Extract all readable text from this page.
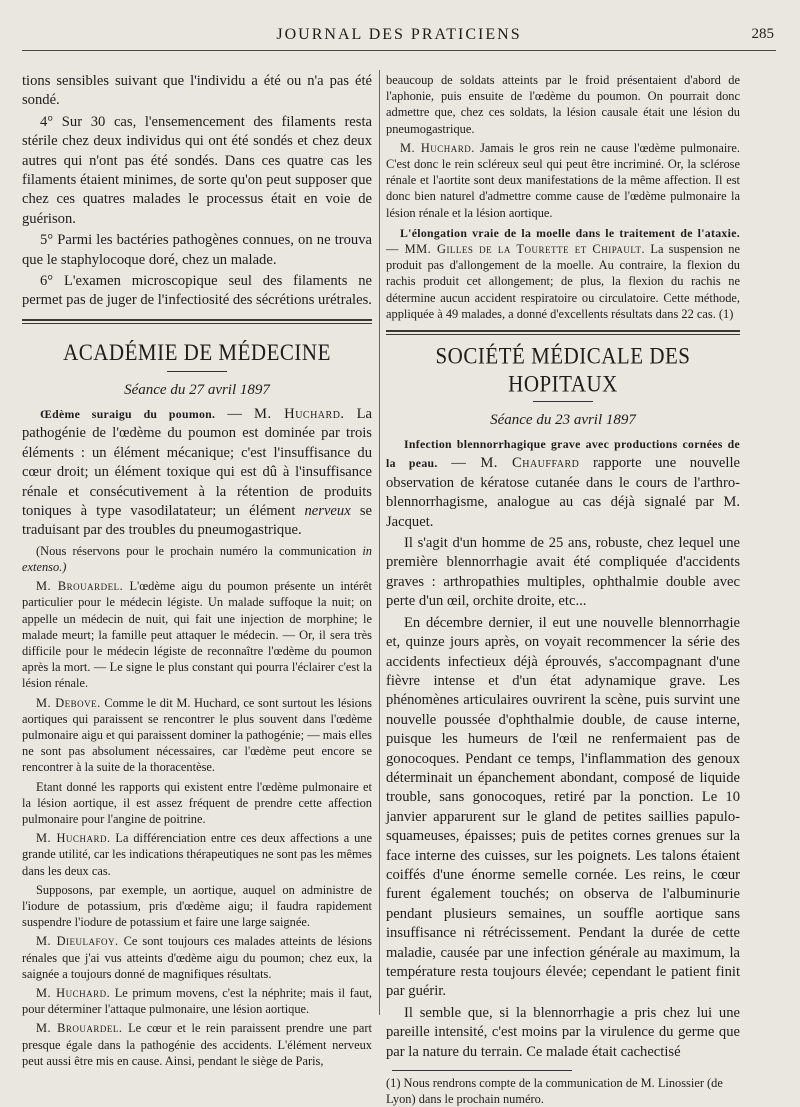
JOURNAL DES PRATICIENS	285

tions sensibles suivant que l'individu a été ou n'a pas été sondé.

4° Sur 30 cas, l'ensemencement des filaments resta stérile chez deux individus qui ont été sondés et chez deux autres qui n'ont pas été sondés. Dans ces quatre cas les filaments étaient minimes, de sorte qu'on peut supposer que chez ces quatres malades le processus était en voie de guérison.

5° Parmi les bactéries pathogènes connues, on ne trouva que le staphylocoque doré, chez un malade.

6° L'examen microscopique seul des filaments ne permet pas de juger de l'infectiosité des sécrétions urétrales.

ACADÉMIE DE MÉDECINE
Séance du 27 avril 1897

Œdème suraigu du poumon. — M. Huchard. La pathogénie de l'œdème du poumon est dominée par trois éléments : un élément mécanique; c'est l'insuffisance du cœur droit; un élément toxique qui est dû à l'insuffisance rénale et consécutivement à la rétention de produits toniques à type vasodilatateur; un élément nerveux se traduisant par des troubles du pneumogastrique.

(Nous réservons pour le prochain numéro la communication in extenso.)

M. Brouardel. L'œdème aigu du poumon présente un intérêt particulier pour le médecin légiste. Un malade suffoque la nuit; on appelle un médecin de nuit, qui fait une injection de morphine; le malade meurt; la famille peut attaquer le médecin. — Or, il sera très difficile pour le médecin légiste de reconnaître l'œdème du poumon après la mort. — Le signe le plus constant qui pourra l'éclairer c'est la lésion rénale.

M. Debove. Comme le dit M. Huchard, ce sont surtout les lésions aortiques qui paraissent se rencontrer le plus souvent dans l'œdème pulmonaire aigu et qui paraissent dominer la pathogénie; — mais elles ne sont pas absolument nécessaires, car l'œdème peut encore se rencontrer à la suite de la thoracentèse.

Etant donné les rapports qui existent entre l'œdème pulmonaire et la lésion aortique, il est assez fréquent de prendre cette affection pulmonaire pour l'angine de poitrine.

M. Huchard. La différenciation entre ces deux affections a une grande utilité, car les indications thérapeutiques ne sont pas les mêmes dans les deux cas.

Supposons, par exemple, un aortique, auquel on administre de l'iodure de potassium, pris d'œdème aigu; il faudra rapidement suspendre l'iodure de potassium et faire une large saignée.

M. Dieulafoy. Ce sont toujours ces malades atteints de lésions rénales que j'ai vus atteints d'œdème aigu du poumon; chez eux, la saignée a toujours donné de magnifiques résultats.

M. Huchard. Le primum movens, c'est la néphrite; mais il faut, pour déterminer l'attaque pulmonaire, une lésion aortique.

M. Brouardel. Le cœur et le rein paraissent prendre une part presque égale dans la pathogénie des accidents. L'élément nerveux peut aussi être mis en cause. Ainsi, pendant le siège de Paris,

beaucoup de soldats atteints par le froid présentaient d'abord de l'aphonie, puis ensuite de l'œdème du poumon. On pourrait donc admettre que, chez ces soldats, la lésion causale était une lésion du pneumogastrique.

M. Huchard. Jamais le gros rein ne cause l'œdème pulmonaire. C'est donc le rein scléreux seul qui peut être incriminé. Or, la sclérose rénale et l'aortite sont deux manifestations de la même affection. Il est donc bien naturel d'admettre comme cause de l'œdème pulmonaire la lésion rénale et la lésion aortique.

L'élongation vraie de la moelle dans le traitement de l'ataxie. — MM. Gilles de la Tourette et Chipault. La suspension ne produit pas d'allongement de la moelle. Au contraire, la flexion du rachis produit cet allongement; de plus, la flexion du rachis ne détermine aucun accident respiratoire ou circulatoire. Cette méthode, appliquée à 49 malades, a donné d'excellents résultats dans 22 cas. (1)

SOCIÉTÉ MÉDICALE DES HOPITAUX
Séance du 23 avril 1897

Infection blennorrhagique grave avec productions cornées de la peau. — M. Chauffard rapporte une nouvelle observation de kératose cutanée dans le cours de l'arthro-blennorrhagisme, analogue au cas déjà signalé par M. Jacquet.

Il s'agit d'un homme de 25 ans, robuste, chez lequel une première blennorrhagie avait été compliquée d'accidents graves : arthropathies multiples, ophthalmie double avec perte d'un œil, orchite droite, etc...

En décembre dernier, il eut une nouvelle blennorrhagie et, quinze jours après, on voyait recommencer la série des accidents infectieux déjà éprouvés, s'accompagnant d'une fièvre intense et d'un état adynamique grave. Les phénomènes articulaires ouvrirent la scène, puis survint une nouvelle poussée d'ophthalmie double, de cause interne, puisque les humeurs de l'œil ne renfermaient pas de gonocoques. Pendant ce temps, l'inflammation des genoux déterminait un épanchement abondant, composé de liquide trouble, sans gonocoques, retiré par la ponction. Le 10 janvier apparurent sur le gland de petites saillies papulo-squameuses, épaisses; puis de petites cornes grenues sur la face interne des cuisses, sur les poignets. Les talons étaient coiffés d'une énorme semelle cornée. Les reins, le cœur furent également touchés; on observa de l'albuminurie pendant plusieurs semaines, un souffle aortique sans insuffisance ni rétrécissement. Pendant la durée de cette maladie, causée par une infection générale au maximum, la température resta toujours élevée; cependant le patient finit par guérir.

Il semble que, si la blennorrhagie a pris chez lui une pareille intensité, c'est moins par la virulence du germe que par la nature du terrain. Ce malade était cachectisé

(1) Nous rendrons compte de la communication de M. Linossier (de Lyon) dans le prochain numéro.
